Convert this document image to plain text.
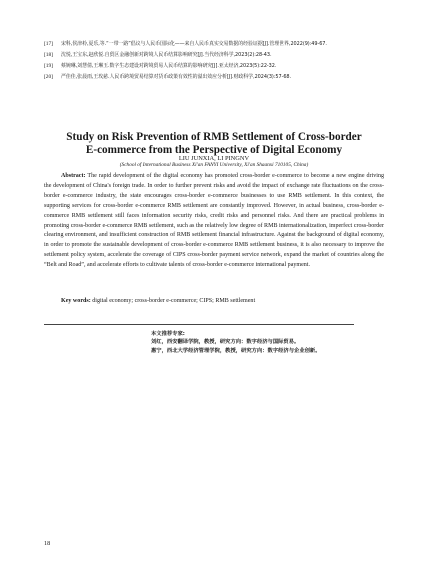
[17]	宋科,侯津柃,夏乐,等.“一带一路”倡议与人民币国际化——来自人民币真实交易数据的经验证据[J].管理世界,2022(9):49-67.
[18]	沈悦,王宝东,赵欣悦.自贸区金融创新对跨境人民币结算影响研究[J].当代经济科学,2023(2):28-43.
[19]	蔡婉琳,刘慧倩,王琳玉.数字生态建设对跨境贸易人民币结算的影响研究[J].亚太经济,2023(5):22-32.
[20]	严佳佳,张晨雨,王玫慈.人民币跨境贸易结算对货币政策有效性的溢出效应分析[J].财政科学,2024(3):57-68.
Study on Risk Prevention of RMB Settlement of Cross-border
E-commerce from the Perspective of Digital Economy
LIU JUNXIA, LI PINGNV
(School of International Business Xi'an FANYI University, Xi'an Shaanxi 710105, China)

Abstract: The rapid development of the digital economy has promoted cross-border e-commerce to become a new engine driving the development of China's foreign trade. In order to further prevent risks and avoid the impact of exchange rate fluctuations on the cross-border e-commerce industry, the state encourages cross-border e-commerce businesses to use RMB settlement. In this context, the supporting services for cross-border e-commerce RMB settlement are constantly improved. However, in actual business, cross-border e-commerce RMB settlement still faces information security risks, credit risks and personnel risks. And there are practical problems in promoting cross-border e-commerce RMB settlement, such as the relatively low degree of RMB internationalization, imperfect cross-border clearing environment, and insufficient construction of RMB settlement financial infrastructure. Against the background of digital economy, in order to promote the sustainable development of cross-border e-commerce RMB settlement business, it is also necessary to improve the settlement policy system, accelerate the coverage of CIPS cross-border payment service network, expand the market of countries along the “Belt and Road”, and accelerate efforts to cultivate talents of cross-border e-commerce international payment.

Key words: digital economy; cross-border e-commerce; CIPS; RMB settlement

本文推荐专家:
刘红，西安翻译学院，教授，研究方向：数字经济与国际贸易。
惠宁，西北大学经济管理学院，教授，研究方向：数字经济与企业创新。
18
